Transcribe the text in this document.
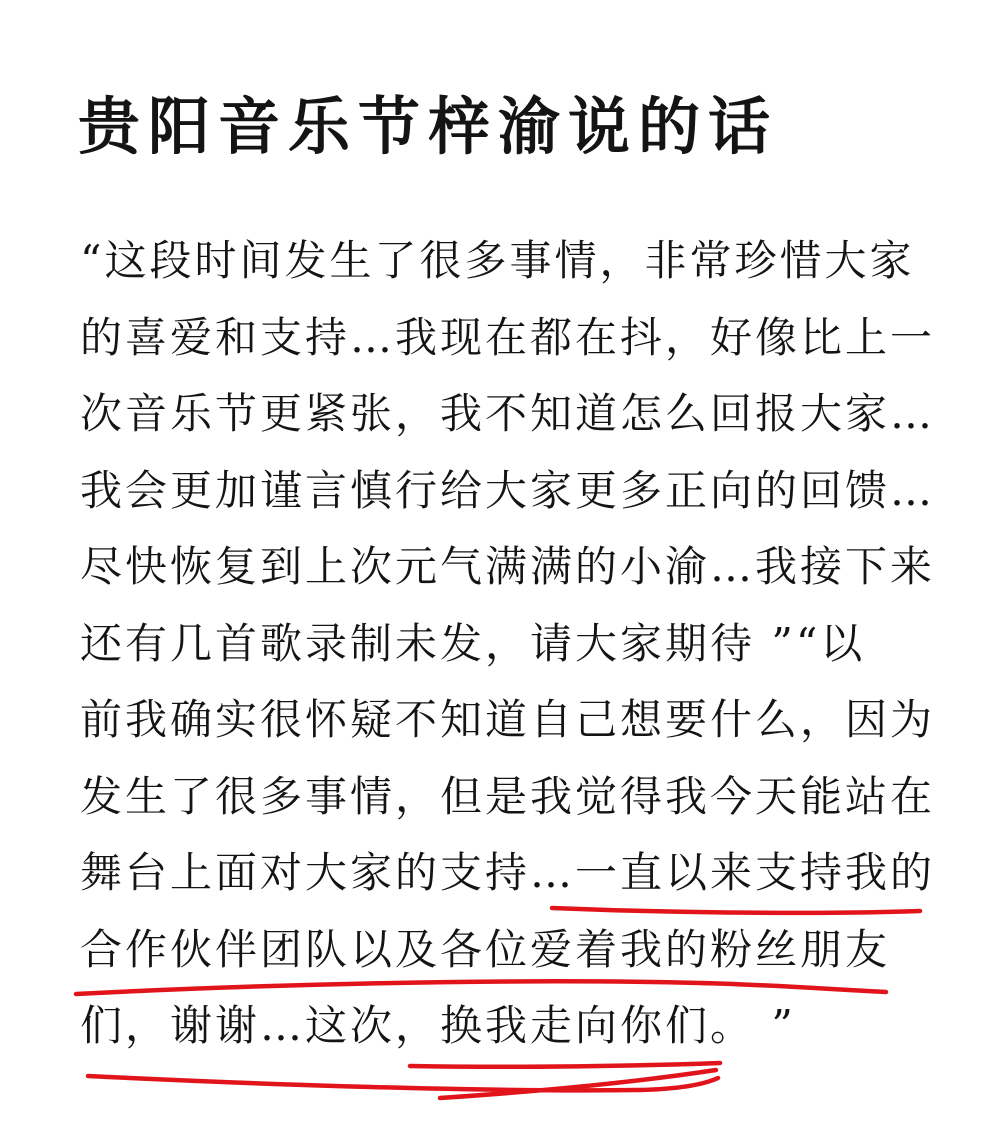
贵阳音乐节梓渝说的话
“这段时间发生了很多事情，非常珍惜大家
的喜爱和支持…我现在都在抖，好像比上一
次音乐节更紧张，我不知道怎么回报大家…
我会更加谨言慎行给大家更多正向的回馈…
尽快恢复到上次元气满满的小渝…我接下来
还有几首歌录制未发，请大家期待 ”“以
前我确实很怀疑不知道自己想要什么，因为
发生了很多事情，但是我觉得我今天能站在
舞台上面对大家的支持…一直以来支持我的
合作伙伴团队以及各位爱着我的粉丝朋友
们，谢谢…这次，换我走向你们。 ”
